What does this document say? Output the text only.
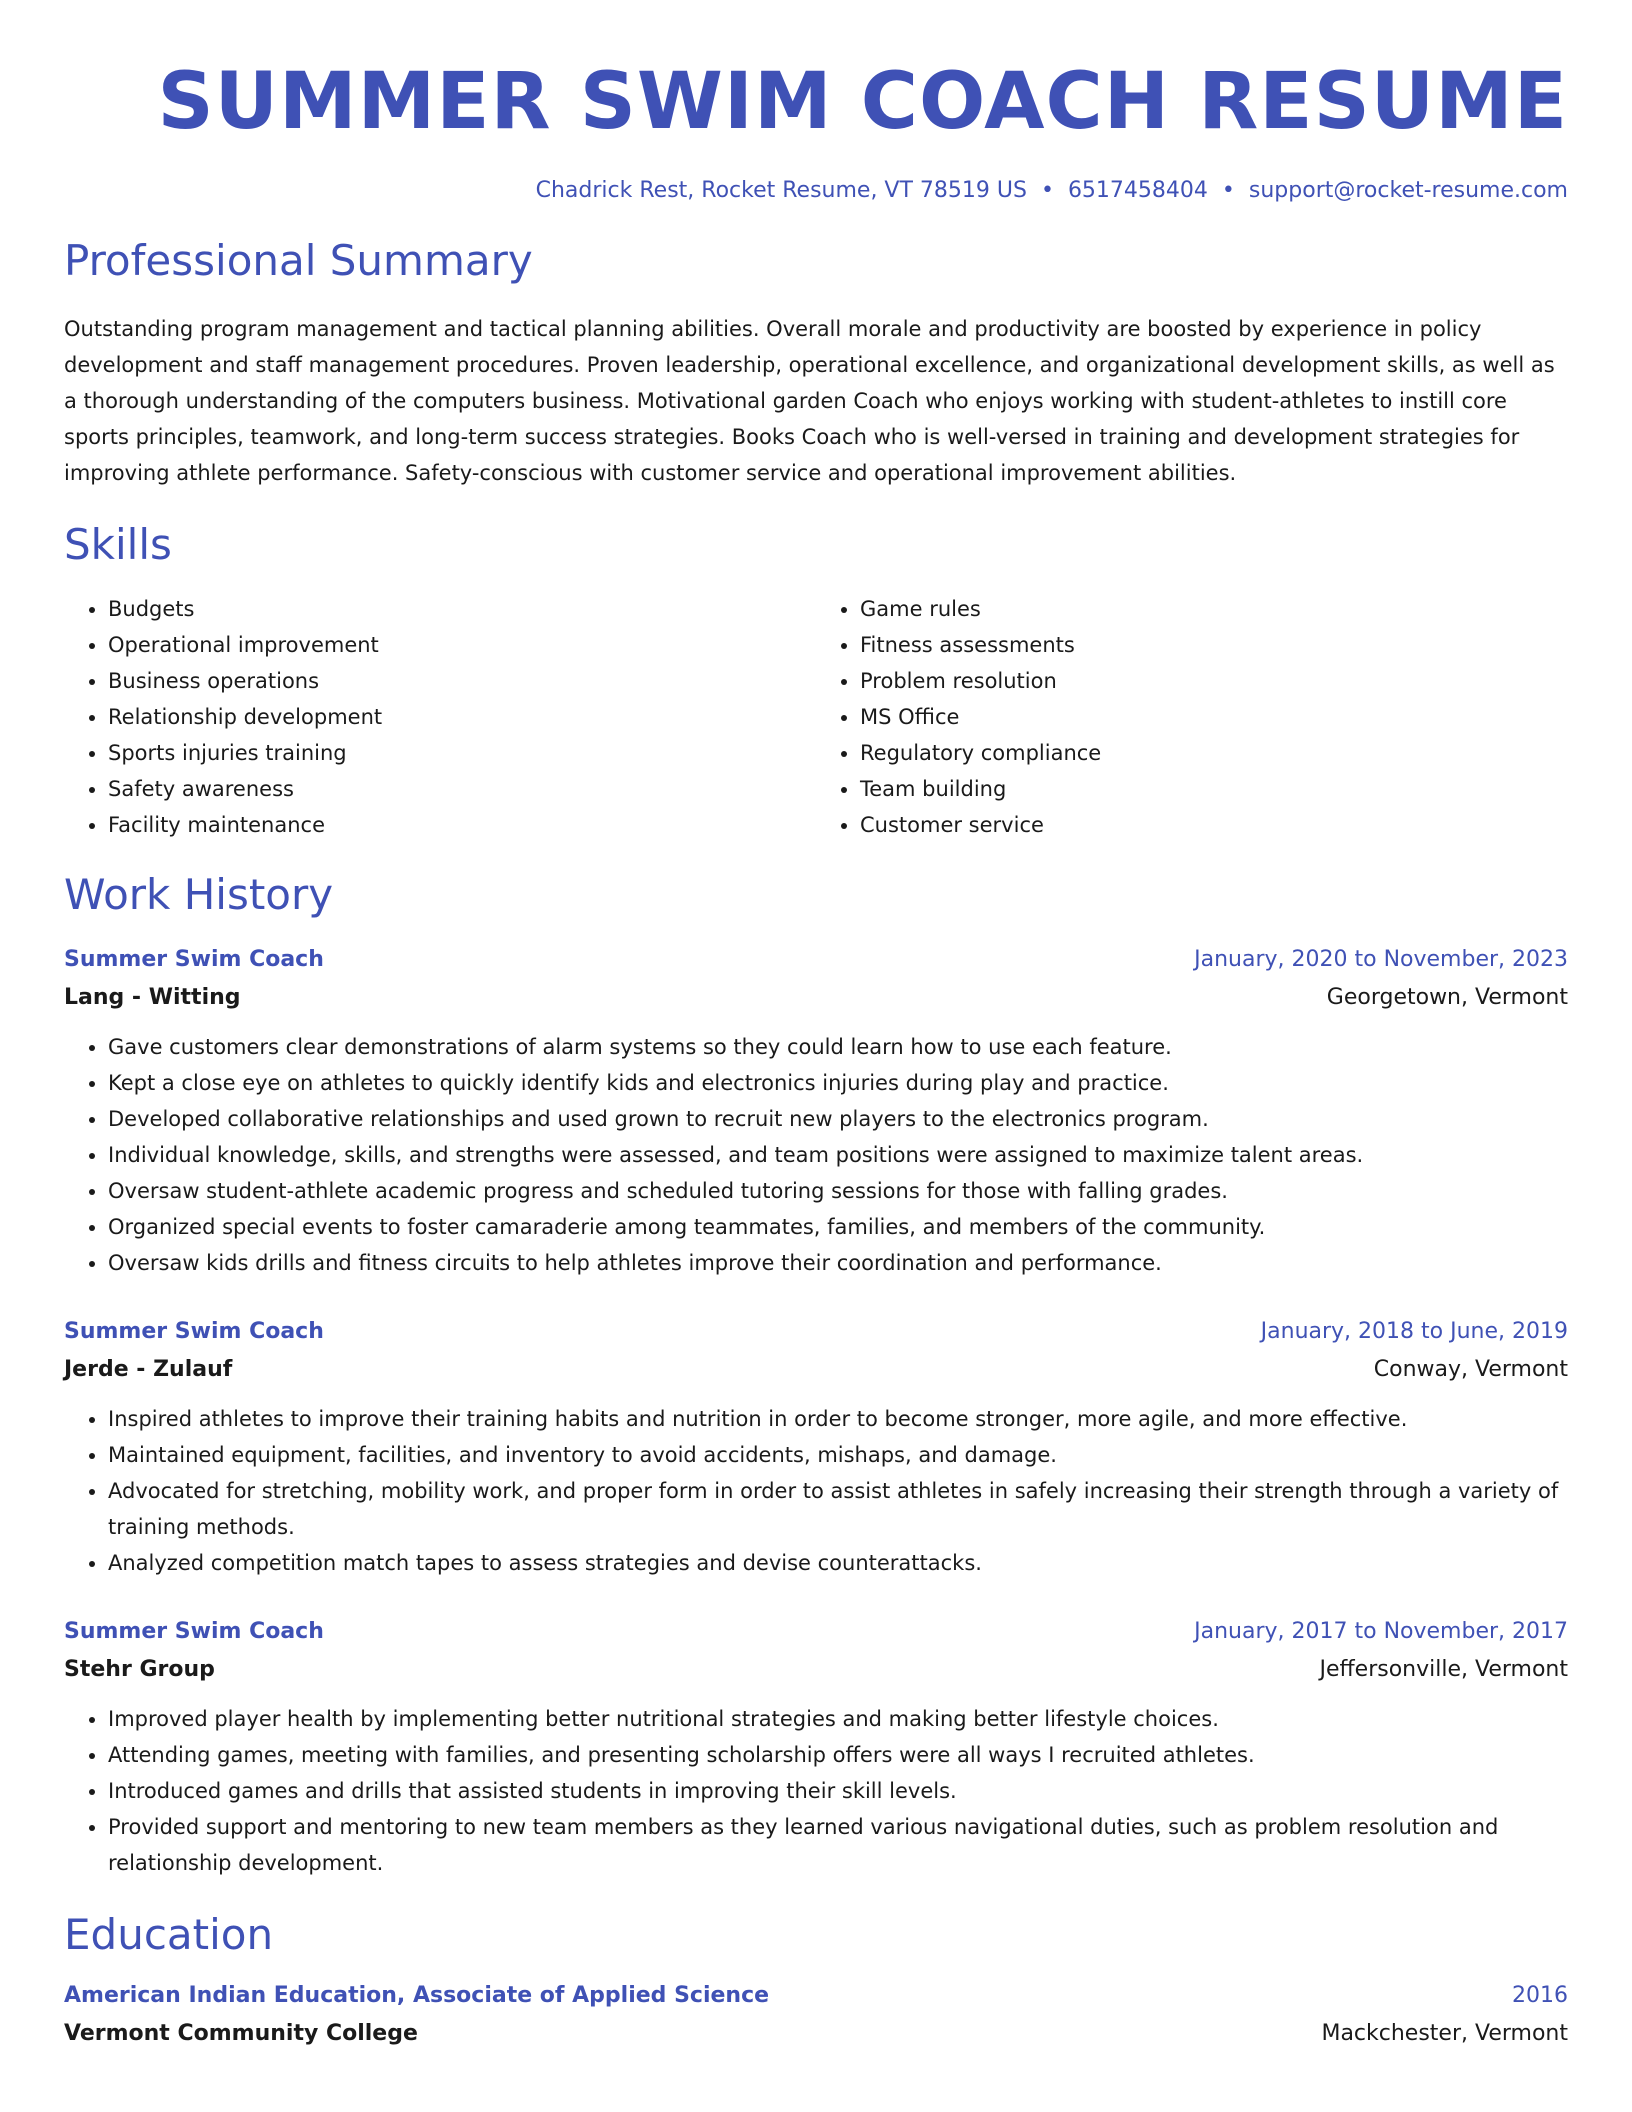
SUMMER SWIM COACH RESUME
Chadrick Rest, Rocket Resume, VT 78519 US • 6517458404 • support@rocket-resume.com
Professional Summary

Outstanding program management and tactical planning abilities. Overall morale and productivity are boosted by experience in policy development and staff management procedures. Proven leadership, operational excellence, and organizational development skills, as well as a thorough understanding of the computers business. Motivational garden Coach who enjoys working with student-athletes to instill core sports principles, teamwork, and long-term success strategies. Books Coach who is well-versed in training and development strategies for improving athlete performance. Safety-conscious with customer service and operational improvement abilities.

Skills
• Budgets
• Operational improvement
• Business operations
• Relationship development
• Sports injuries training
• Safety awareness
• Facility maintenance
• Game rules
• Fitness assessments
• Problem resolution
• MS Office
• Regulatory compliance
• Team building
• Customer service
Work History
Summer Swim Coach	January, 2020 to November, 2023
Lang - Witting	Georgetown, Vermont
• Gave customers clear demonstrations of alarm systems so they could learn how to use each feature.
• Kept a close eye on athletes to quickly identify kids and electronics injuries during play and practice.
• Developed collaborative relationships and used grown to recruit new players to the electronics program.
• Individual knowledge, skills, and strengths were assessed, and team positions were assigned to maximize talent areas.
• Oversaw student-athlete academic progress and scheduled tutoring sessions for those with falling grades.
• Organized special events to foster camaraderie among teammates, families, and members of the community.
• Oversaw kids drills and fitness circuits to help athletes improve their coordination and performance.
Summer Swim Coach	January, 2018 to June, 2019
Jerde - Zulauf	Conway, Vermont
• Inspired athletes to improve their training habits and nutrition in order to become stronger, more agile, and more effective.
• Maintained equipment, facilities, and inventory to avoid accidents, mishaps, and damage.
• Advocated for stretching, mobility work, and proper form in order to assist athletes in safely increasing their strength through a variety of training methods.
• Analyzed competition match tapes to assess strategies and devise counterattacks.
Summer Swim Coach	January, 2017 to November, 2017
Stehr Group	Jeffersonville, Vermont
• Improved player health by implementing better nutritional strategies and making better lifestyle choices.
• Attending games, meeting with families, and presenting scholarship offers were all ways I recruited athletes.
• Introduced games and drills that assisted students in improving their skill levels.
• Provided support and mentoring to new team members as they learned various navigational duties, such as problem resolution and relationship development.
Education
American Indian Education, Associate of Applied Science	2016
Vermont Community College	Mackchester, Vermont
